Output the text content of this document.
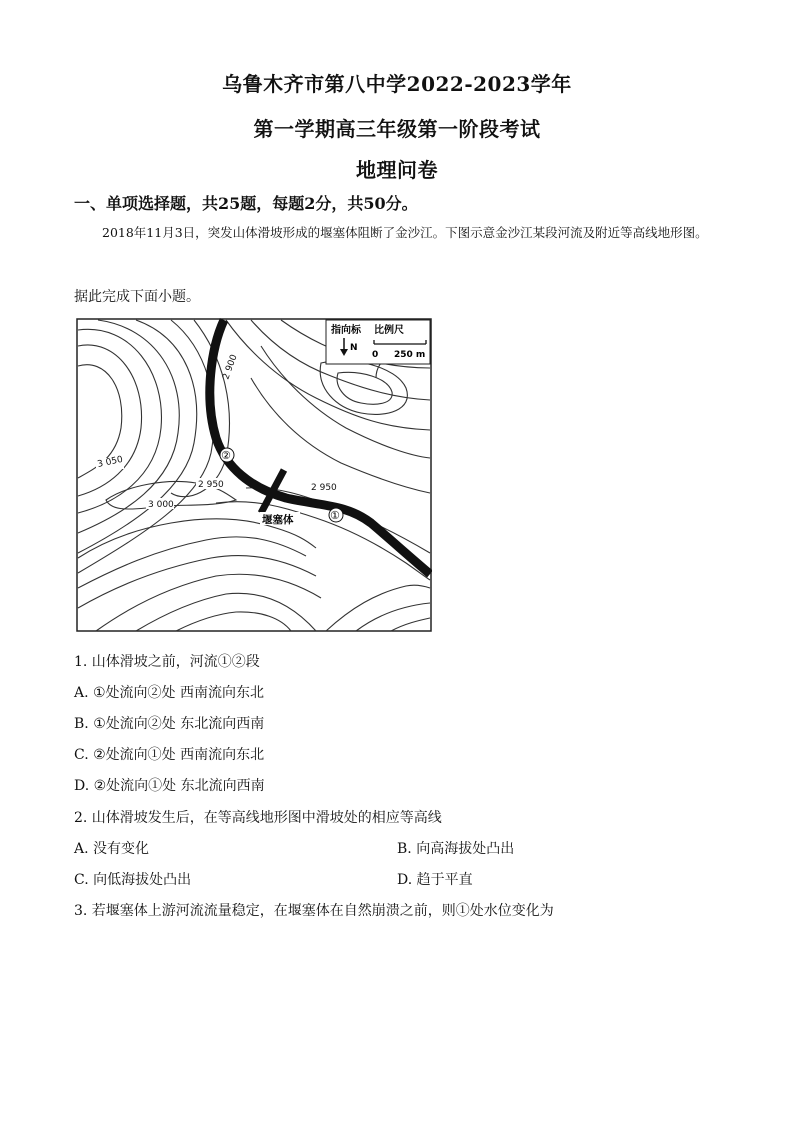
乌鲁木齐市第八中学2022-2023学年
第一学期高三年级第一阶段考试
地理问卷
一、单项选择题，共25题，每题2分，共50分。
2018年11月3日，突发山体滑坡形成的堰塞体阻断了金沙江。下图示意金沙江某段河流及附近等高线地形图。
据此完成下面小题。
指向标 比例尺
N
0 250 m
2 900
3 050
2 950
3 000
2 950
②
①
堰塞体
1. 山体滑坡之前，河流①②段
A. ①处流向②处 西南流向东北
B. ①处流向②处 东北流向西南
C. ②处流向①处 西南流向东北
D. ②处流向①处 东北流向西南
2. 山体滑坡发生后，在等高线地形图中滑坡处的相应等高线
A. 没有变化	B. 向高海拔处凸出
C. 向低海拔处凸出	D. 趋于平直
3. 若堰塞体上游河流流量稳定，在堰塞体在自然崩溃之前，则①处水位变化为
